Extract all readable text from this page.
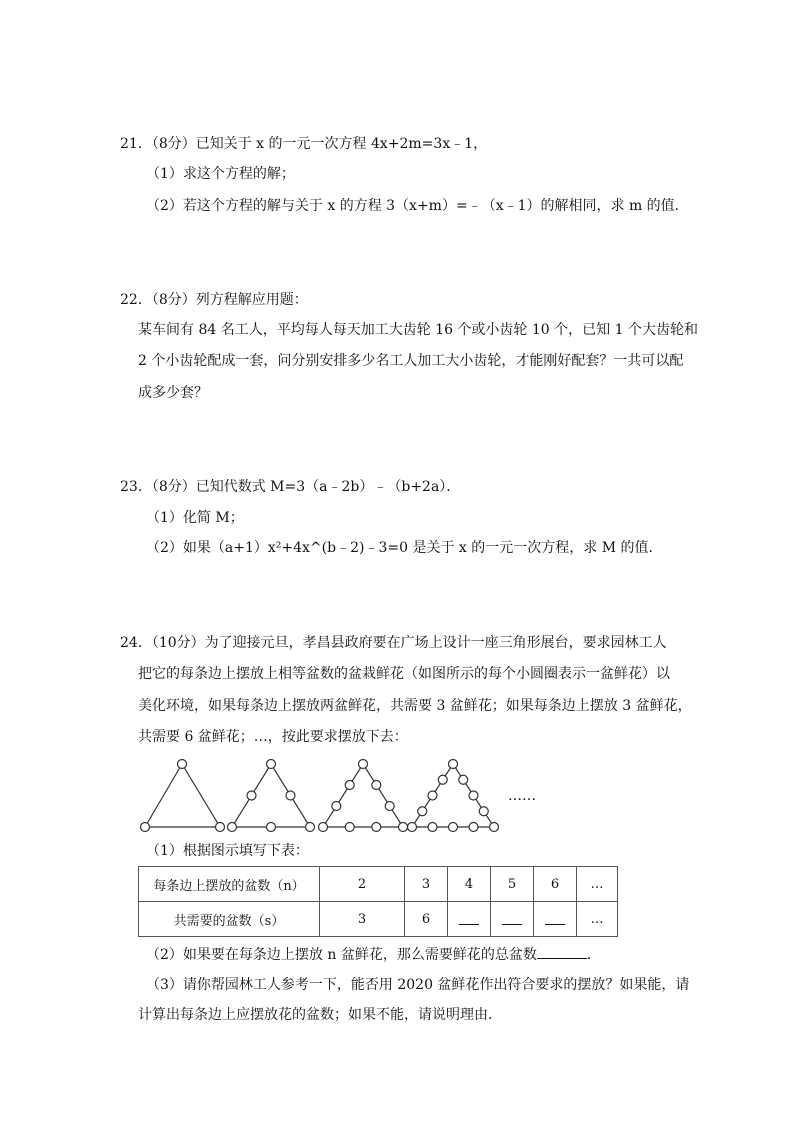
21．（8分）已知关于 x 的一元一次方程 4x+2m=3x﹣1，
（1）求这个方程的解；
（2）若这个方程的解与关于 x 的方程 3（x+m）=﹣（x﹣1）的解相同，求 m 的值．
22．（8分）列方程解应用题：
某车间有 84 名工人，平均每人每天加工大齿轮 16 个或小齿轮 10 个，已知 1 个大齿轮和
2 个小齿轮配成一套，问分别安排多少名工人加工大小齿轮，才能刚好配套？一共可以配
成多少套？
23．（8分）已知代数式 M=3（a﹣2b）﹣（b+2a）．
（1）化简 M；
（2）如果（a+1）x²+4x^(b﹣2)﹣3=0 是关于 x 的一元一次方程，求 M 的值．
24．（10分）为了迎接元旦，孝昌县政府要在广场上设计一座三角形展台，要求园林工人
把它的每条边上摆放上相等盆数的盆栽鲜花（如图所示的每个小圆圈表示一盆鲜花）以
美化环境，如果每条边上摆放两盆鲜花，共需要 3 盆鲜花；如果每条边上摆放 3 盆鲜花，
共需要 6 盆鲜花；…，按此要求摆放下去：
……
（1）根据图示填写下表：
每条边上摆放的盆数（n）	2	3	4	5	6	…
共需要的盆数（s）	3	6				…
（2）如果要在每条边上摆放 n 盆鲜花，那么需要鲜花的总盆数	．
（3）请你帮园林工人参考一下，能否用 2020 盆鲜花作出符合要求的摆放？如果能，请
计算出每条边上应摆放花的盆数；如果不能，请说明理由．
